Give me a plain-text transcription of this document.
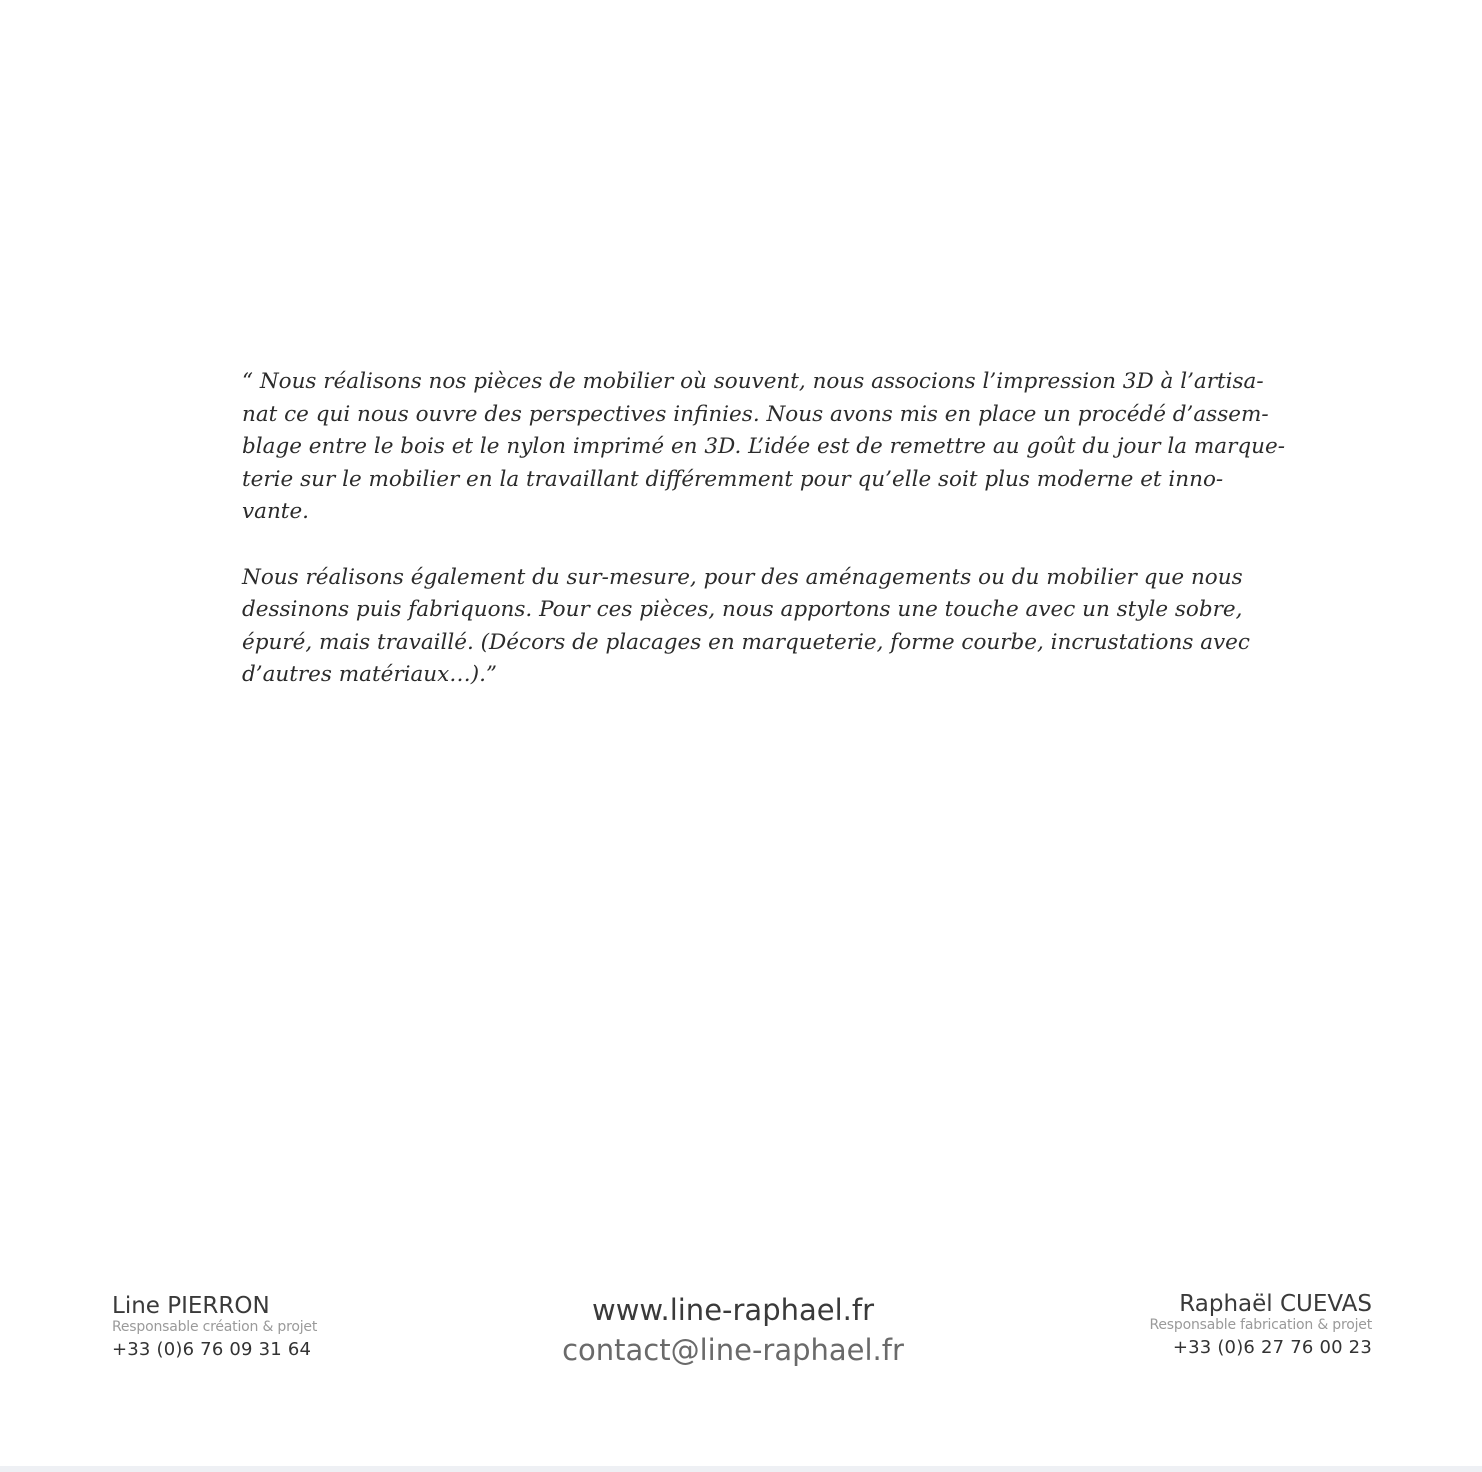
“ Nous réalisons nos pièces de mobilier où souvent, nous associons l’impression 3D à l’artisa-
nat ce qui nous ouvre des perspectives infinies. Nous avons mis en place un procédé d’assem-
blage entre le bois et le nylon imprimé en 3D. L’idée est de remettre au goût du jour la marque-
terie sur le mobilier en la travaillant différemment pour qu’elle soit plus moderne et inno-
vante.

Nous réalisons également du sur-mesure, pour des aménagements ou du mobilier que nous
dessinons puis fabriquons. Pour ces pièces, nous apportons une touche avec un style sobre,
épuré, mais travaillé. (Décors de placages en marqueterie, forme courbe, incrustations avec
d’autres matériaux…).”

Line PIERRON
Responsable création & projet
+33 (0)6 76 09 31 64
www.line-raphael.fr
contact@line-raphael.fr
Raphaël CUEVAS
Responsable fabrication & projet
+33 (0)6 27 76 00 23
